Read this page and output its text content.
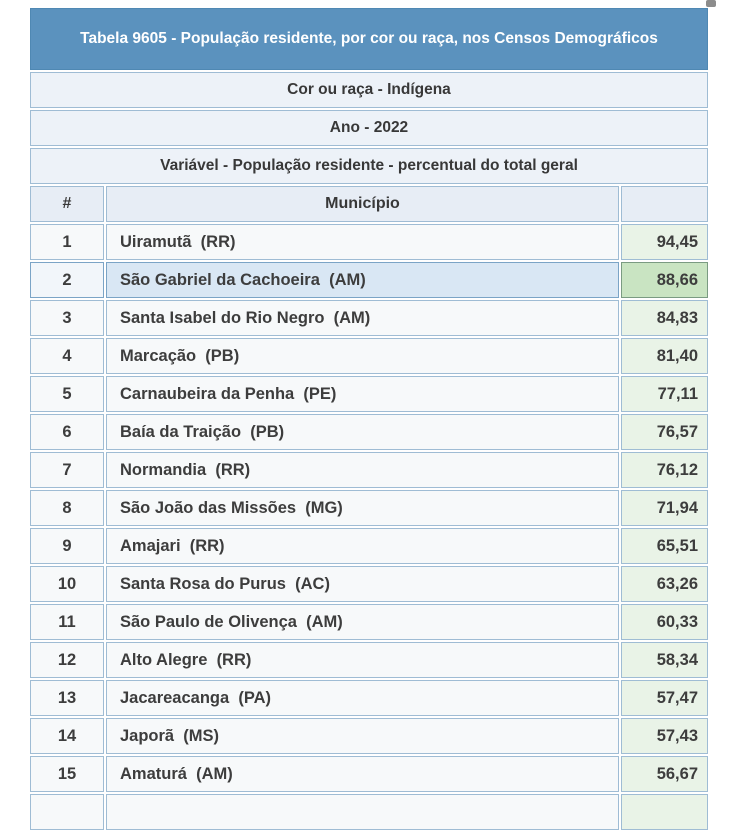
Tabela 9605 - População residente, por cor ou raça, nos Censos Demográficos		
Cor ou raça - Indígena		
Ano - 2022		
Variável - População residente - percentual do total geral		
#	Município	
1	Uiramutã  (RR)	94,45
2	São Gabriel da Cachoeira  (AM)	88,66
3	Santa Isabel do Rio Negro  (AM)	84,83
4	Marcação  (PB)	81,40
5	Carnaubeira da Penha  (PE)	77,11
6	Baía da Traição  (PB)	76,57
7	Normandia  (RR)	76,12
8	São João das Missões  (MG)	71,94
9	Amajari  (RR)	65,51
10	Santa Rosa do Purus  (AC)	63,26
11	São Paulo de Olivença  (AM)	60,33
12	Alto Alegre  (RR)	58,34
13	Jacareacanga  (PA)	57,47
14	Japorã  (MS)	57,43
15	Amaturá  (AM)	56,67
